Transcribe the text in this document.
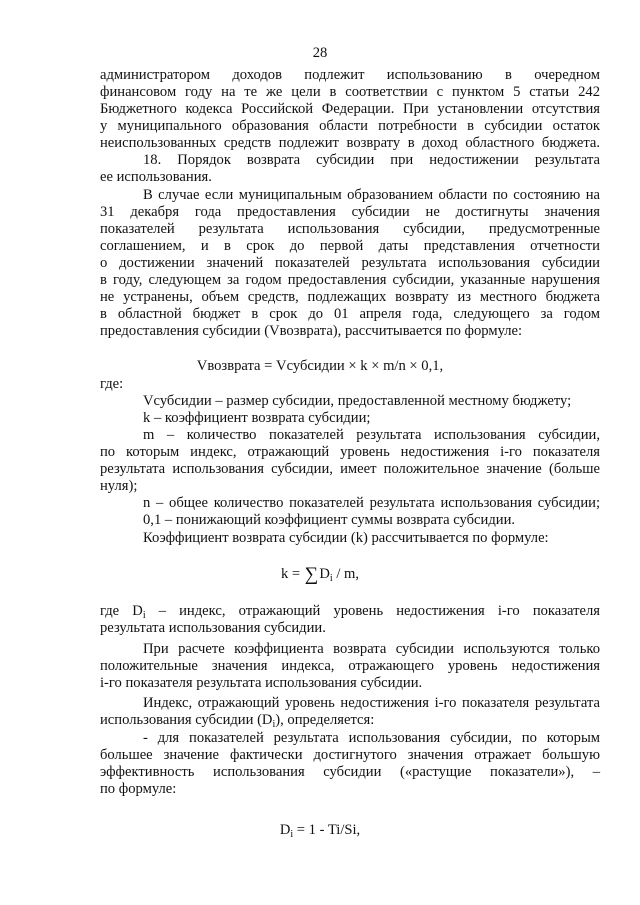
28
администратором доходов подлежит использованию в очередном
финансовом году на те же цели в соответствии с пунктом 5 статьи 242
Бюджетного кодекса Российской Федерации. При установлении отсутствия
у муниципального образования области потребности в субсидии остаток
неиспользованных средств подлежит возврату в доход областного бюджета.
18. Порядок возврата субсидии при недостижении результата
ее использования.
В случае если муниципальным образованием области по состоянию на
31 декабря года предоставления субсидии не достигнуты значения
показателей результата использования субсидии, предусмотренные
соглашением, и в срок до первой даты представления отчетности
о достижении значений показателей результата использования субсидии
в году, следующем за годом предоставления субсидии, указанные нарушения
не устранены, объем средств, подлежащих возврату из местного бюджета
в областной бюджет в срок до 01 апреля года, следующего за годом
предоставления субсидии (Vвозврата), рассчитывается по формуле:
Vвозврата = Vсубсидии × k × m/n × 0,1,
где:
Vсубсидии – размер субсидии, предоставленной местному бюджету;
k – коэффициент возврата субсидии;
m – количество показателей результата использования субсидии,
по которым индекс, отражающий уровень недостижения i-го показателя
результата использования субсидии, имеет положительное значение (больше
нуля);
n – общее количество показателей результата использования субсидии;
0,1 – понижающий коэффициент суммы возврата субсидии.
Коэффициент возврата субсидии (k) рассчитывается по формуле:
$k = \sum D_i / m$,
где $D_i$ – индекс, отражающий уровень недостижения i-го показателя
результата использования субсидии.
При расчете коэффициента возврата субсидии используются только
положительные значения индекса, отражающего уровень недостижения
i-го показателя результата использования субсидии.
Индекс, отражающий уровень недостижения i-го показателя результата
использования субсидии $(D_i)$, определяется:
- для показателей результата использования субсидии, по которым
большее значение фактически достигнутого значения отражает большую
эффективность использования субсидии («растущие показатели»), –
по формуле:
$D_i = 1 - Ti/Si$,
